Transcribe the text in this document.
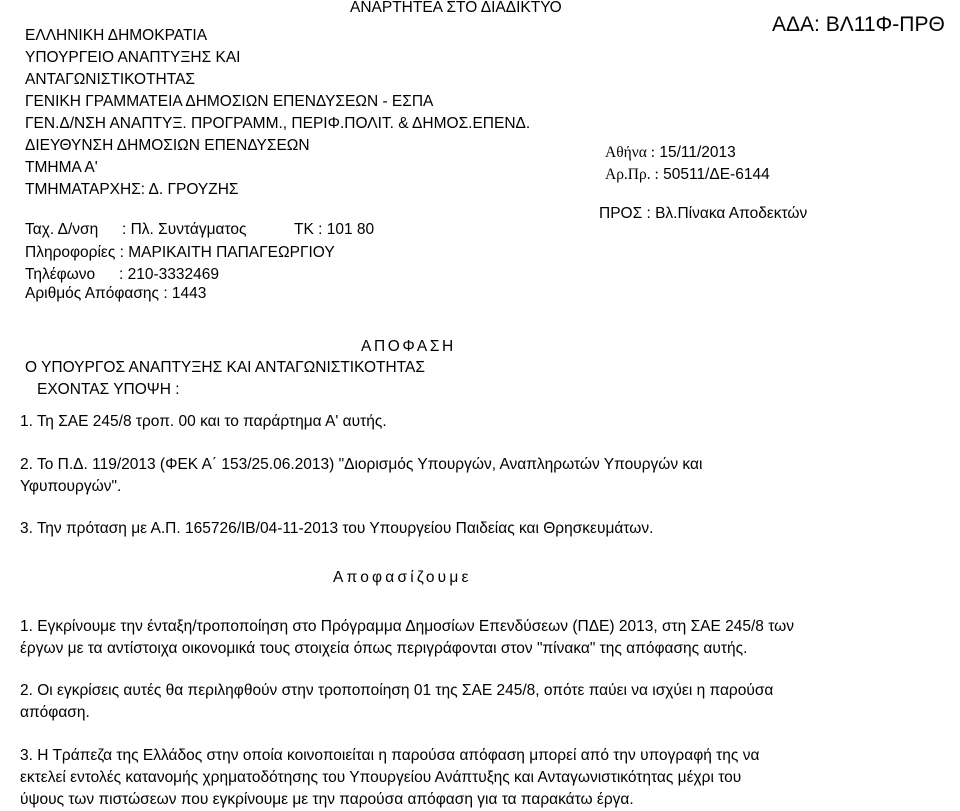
ΑΝΑΡΤΗΤΕΑ ΣΤΟ ΔΙΑΔΙΚΤΥΟ
ΑΔΑ: ΒΛ11Φ-ΠΡΘ
ΕΛΛΗΝΙΚΗ ΔΗΜΟΚΡΑΤΙΑ
ΥΠΟΥΡΓΕΙΟ ΑΝΑΠΤΥΞΗΣ ΚΑΙ
ΑΝΤΑΓΩΝΙΣΤΙΚΟΤΗΤΑΣ
ΓΕΝΙΚΗ ΓΡΑΜΜΑΤΕΙΑ ΔΗΜΟΣΙΩΝ ΕΠΕΝΔΥΣΕΩΝ - ΕΣΠΑ
ΓΕΝ.Δ/ΝΣΗ ΑΝΑΠΤΥΞ. ΠΡΟΓΡΑΜΜ., ΠΕΡΙΦ.ΠΟΛΙΤ. & ΔΗΜΟΣ.ΕΠΕΝΔ.
ΔΙΕΥΘΥΝΣΗ ΔΗΜΟΣΙΩΝ ΕΠΕΝΔΥΣΕΩΝ
ΤΜΗΜΑ Α'
ΤΜΗΜΑΤΑΡΧΗΣ: Δ. ΓΡΟΥΖΗΣ
Αθήνα : 15/11/2013
Αρ.Πρ. : 50511/ΔΕ-6144
ΠΡΟΣ : Βλ.Πίνακα Αποδεκτών
Ταχ. Δ/νση : Πλ. Συντάγματος	ΤΚ : 101 80
Πληροφορίες : ΜΑΡΙΚΑΙΤΗ ΠΑΠΑΓΕΩΡΓΙΟΥ
Τηλέφωνο : 210-3332469
Αριθμός Απόφασης : 1443
ΑΠΟΦΑΣΗ
Ο ΥΠΟΥΡΓΟΣ ΑΝΑΠΤΥΞΗΣ ΚΑΙ ΑΝΤΑΓΩΝΙΣΤΙΚΟΤΗΤΑΣ
ΕΧΟΝΤΑΣ ΥΠΟΨΗ :
1. Τη ΣΑΕ 245/8 τροπ. 00 και το παράρτημα Α' αυτής.
2. Το Π.Δ. 119/2013 (ΦΕΚ Α΄ 153/25.06.2013) "Διορισμός Υπουργών, Αναπληρωτών Υπουργών και
Υφυπουργών".
3. Την πρόταση με Α.Π. 165726/ΙΒ/04-11-2013 του Υπουργείου Παιδείας και Θρησκευμάτων.
Αποφασίζουμε
1. Εγκρίνουμε την ένταξη/τροποποίηση στο Πρόγραμμα Δημοσίων Επενδύσεων (ΠΔΕ) 2013, στη ΣΑΕ 245/8 των
έργων με τα αντίστοιχα οικονομικά τους στοιχεία όπως περιγράφονται στον "πίνακα" της απόφασης αυτής.
2. Οι εγκρίσεις αυτές θα περιληφθούν στην τροποποίηση 01 της ΣΑΕ 245/8, οπότε παύει να ισχύει η παρούσα
απόφαση.
3. Η Τράπεζα της Ελλάδος στην οποία κοινοποιείται η παρούσα απόφαση μπορεί από την υπογραφή της να
εκτελεί εντολές κατανομής χρηματοδότησης του Υπουργείου Ανάπτυξης και Ανταγωνιστικότητας μέχρι του
ύψους των πιστώσεων που εγκρίνουμε με την παρούσα απόφαση για τα παρακάτω έργα.
